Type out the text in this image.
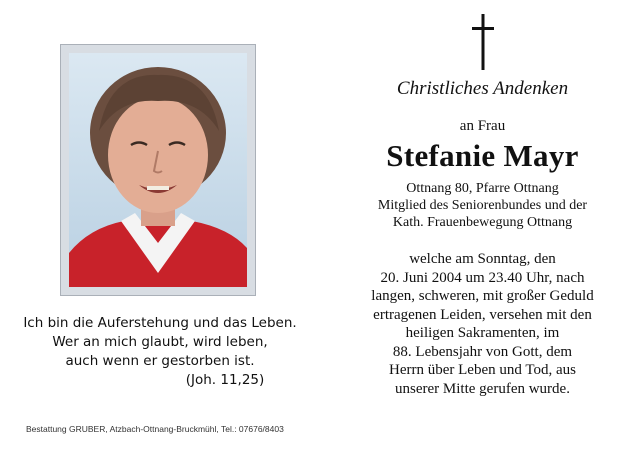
Ich bin die Auferstehung und das Leben.
Wer an mich glaubt, wird leben,
auch wenn er gestorben ist.
(Joh. 11,25)
Bestattung GRUBER, Atzbach-Ottnang-Bruckmühl, Tel.: 07676/8403
Christliches Andenken
an Frau
Stefanie Mayr
Ottnang 80, Pfarre Ottnang
Mitglied des Seniorenbundes und der
Kath. Frauenbewegung Ottnang
welche am Sonntag, den
20. Juni 2004 um 23.40 Uhr, nach
langen, schweren, mit großer Geduld
ertragenen Leiden, versehen mit den
heiligen Sakramenten, im
88. Lebensjahr von Gott, dem
Herrn über Leben und Tod, aus
unserer Mitte gerufen wurde.
